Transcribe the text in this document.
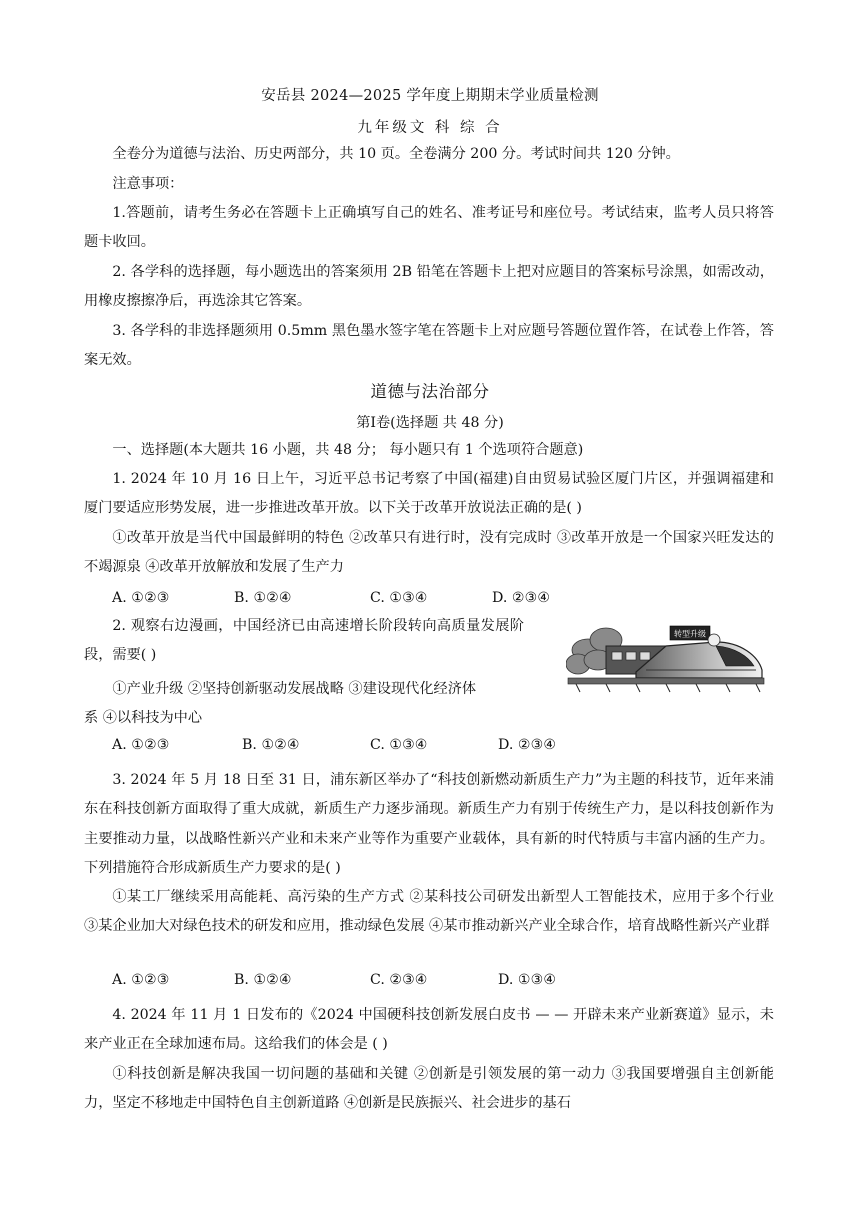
安岳县 2024—2025 学年度上期期末学业质量检测
九年级文 科 综 合
全卷分为道德与法治、历史两部分，共 10 页。全卷满分 200 分。考试时间共 120 分钟。
注意事项：
1.答题前，请考生务必在答题卡上正确填写自己的姓名、准考证号和座位号。考试结束，监考人员只将答题卡收回。
2. 各学科的选择题，每小题选出的答案须用 2B 铅笔在答题卡上把对应题目的答案标号涂黑，如需改动，用橡皮擦擦净后，再选涂其它答案。
3. 各学科的非选择题须用 0.5mm 黑色墨水签字笔在答题卡上对应题号答题位置作答，在试卷上作答，答案无效。
道德与法治部分
第Ⅰ卷(选择题 共 48 分)
一、选择题(本大题共 16 小题，共 48 分； 每小题只有 1 个选项符合题意)
1. 2024 年 10 月 16 日上午，习近平总书记考察了中国(福建)自由贸易试验区厦门片区，并强调福建和厦门要适应形势发展，进一步推进改革开放。以下关于改革开放说法正确的是( )
①改革开放是当代中国最鲜明的特色 ②改革只有进行时，没有完成时 ③改革开放是一个国家兴旺发达的不竭源泉 ④改革开放解放和发展了生产力
A. ①②③	B. ①②④	C. ①③④	D. ②③④
2. 观察右边漫画，中国经济已由高速增长阶段转向高质量发展阶段，需要( )
①产业升级 ②坚持创新驱动发展战略 ③建设现代化经济体
系 ④以科技为中心
转型升级
A. ①②③	B. ①②④	C. ①③④	D. ②③④
3. 2024 年 5 月 18 日至 31 日，浦东新区举办了“科技创新燃动新质生产力”为主题的科技节，近年来浦东在科技创新方面取得了重大成就，新质生产力逐步涌现。新质生产力有别于传统生产力，是以科技创新作为主要推动力量，以战略性新兴产业和未来产业等作为重要产业载体，具有新的时代特质与丰富内涵的生产力。下列措施符合形成新质生产力要求的是( )
①某工厂继续采用高能耗、高污染的生产方式 ②某科技公司研发出新型人工智能技术，应用于多个行业 ③某企业加大对绿色技术的研发和应用，推动绿色发展 ④某市推动新兴产业全球合作，培育战略性新兴产业群
A. ①②③	B. ①②④	C. ②③④	D. ①③④
4. 2024 年 11 月 1 日发布的《2024 中国硬科技创新发展白皮书 — — 开辟未来产业新赛道》显示，未来产业正在全球加速布局。这给我们的体会是 ( )
①科技创新是解决我国一切问题的基础和关键 ②创新是引领发展的第一动力 ③我国要增强自主创新能力，坚定不移地走中国特色自主创新道路 ④创新是民族振兴、社会进步的基石
